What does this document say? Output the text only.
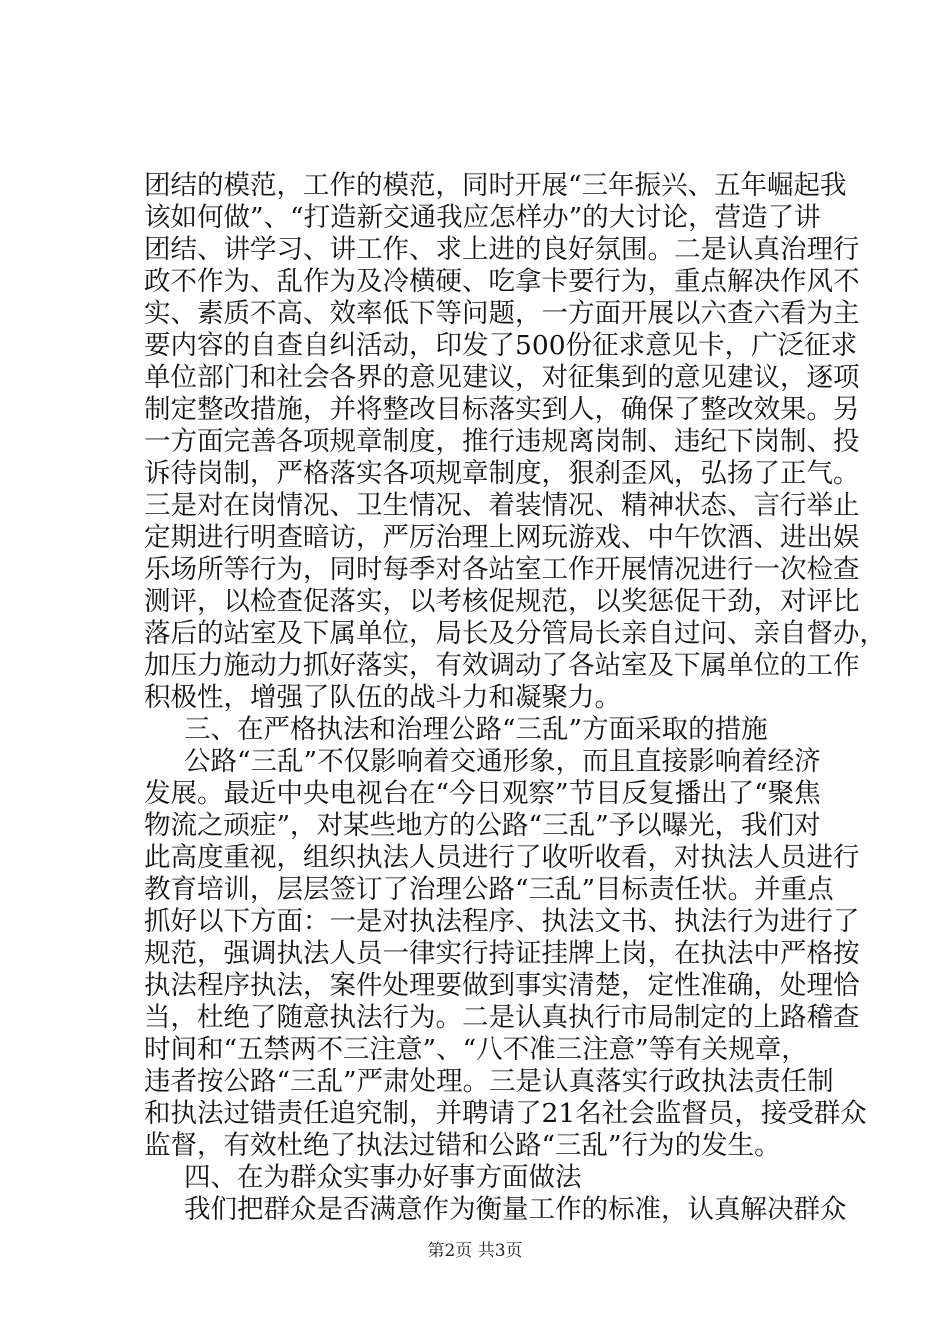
团结的模范，工作的模范，同时开展“三年振兴、五年崛起我
该如何做”、“打造新交通我应怎样办”的大讨论，营造了讲
团结、讲学习、讲工作、求上进的良好氛围。二是认真治理行
政不作为、乱作为及冷横硬、吃拿卡要行为，重点解决作风不
实、素质不高、效率低下等问题，一方面开展以六查六看为主
要内容的自查自纠活动，印发了500份征求意见卡，广泛征求
单位部门和社会各界的意见建议，对征集到的意见建议，逐项
制定整改措施，并将整改目标落实到人，确保了整改效果。另
一方面完善各项规章制度，推行违规离岗制、违纪下岗制、投
诉待岗制，严格落实各项规章制度，狠刹歪风，弘扬了正气。
三是对在岗情况、卫生情况、着装情况、精神状态、言行举止
定期进行明查暗访，严厉治理上网玩游戏、中午饮酒、进出娱
乐场所等行为，同时每季对各站室工作开展情况进行一次检查
测评，以检查促落实，以考核促规范，以奖惩促干劲，对评比
落后的站室及下属单位，局长及分管局长亲自过问、亲自督办，
加压力施动力抓好落实，有效调动了各站室及下属单位的工作
积极性，增强了队伍的战斗力和凝聚力。
三、在严格执法和治理公路“三乱”方面采取的措施
公路“三乱”不仅影响着交通形象，而且直接影响着经济
发展。最近中央电视台在“今日观察”节目反复播出了“聚焦
物流之顽症”，对某些地方的公路“三乱”予以曝光，我们对
此高度重视，组织执法人员进行了收听收看，对执法人员进行
教育培训，层层签订了治理公路“三乱”目标责任状。并重点
抓好以下方面：一是对执法程序、执法文书、执法行为进行了
规范，强调执法人员一律实行持证挂牌上岗，在执法中严格按
执法程序执法，案件处理要做到事实清楚，定性准确，处理恰
当，杜绝了随意执法行为。二是认真执行市局制定的上路稽查
时间和“五禁两不三注意”、“八不准三注意”等有关规章，
违者按公路“三乱”严肃处理。三是认真落实行政执法责任制
和执法过错责任追究制，并聘请了21名社会监督员，接受群众
监督，有效杜绝了执法过错和公路“三乱”行为的发生。
四、在为群众实事办好事方面做法
我们把群众是否满意作为衡量工作的标准，认真解决群众
第2页 共3页
